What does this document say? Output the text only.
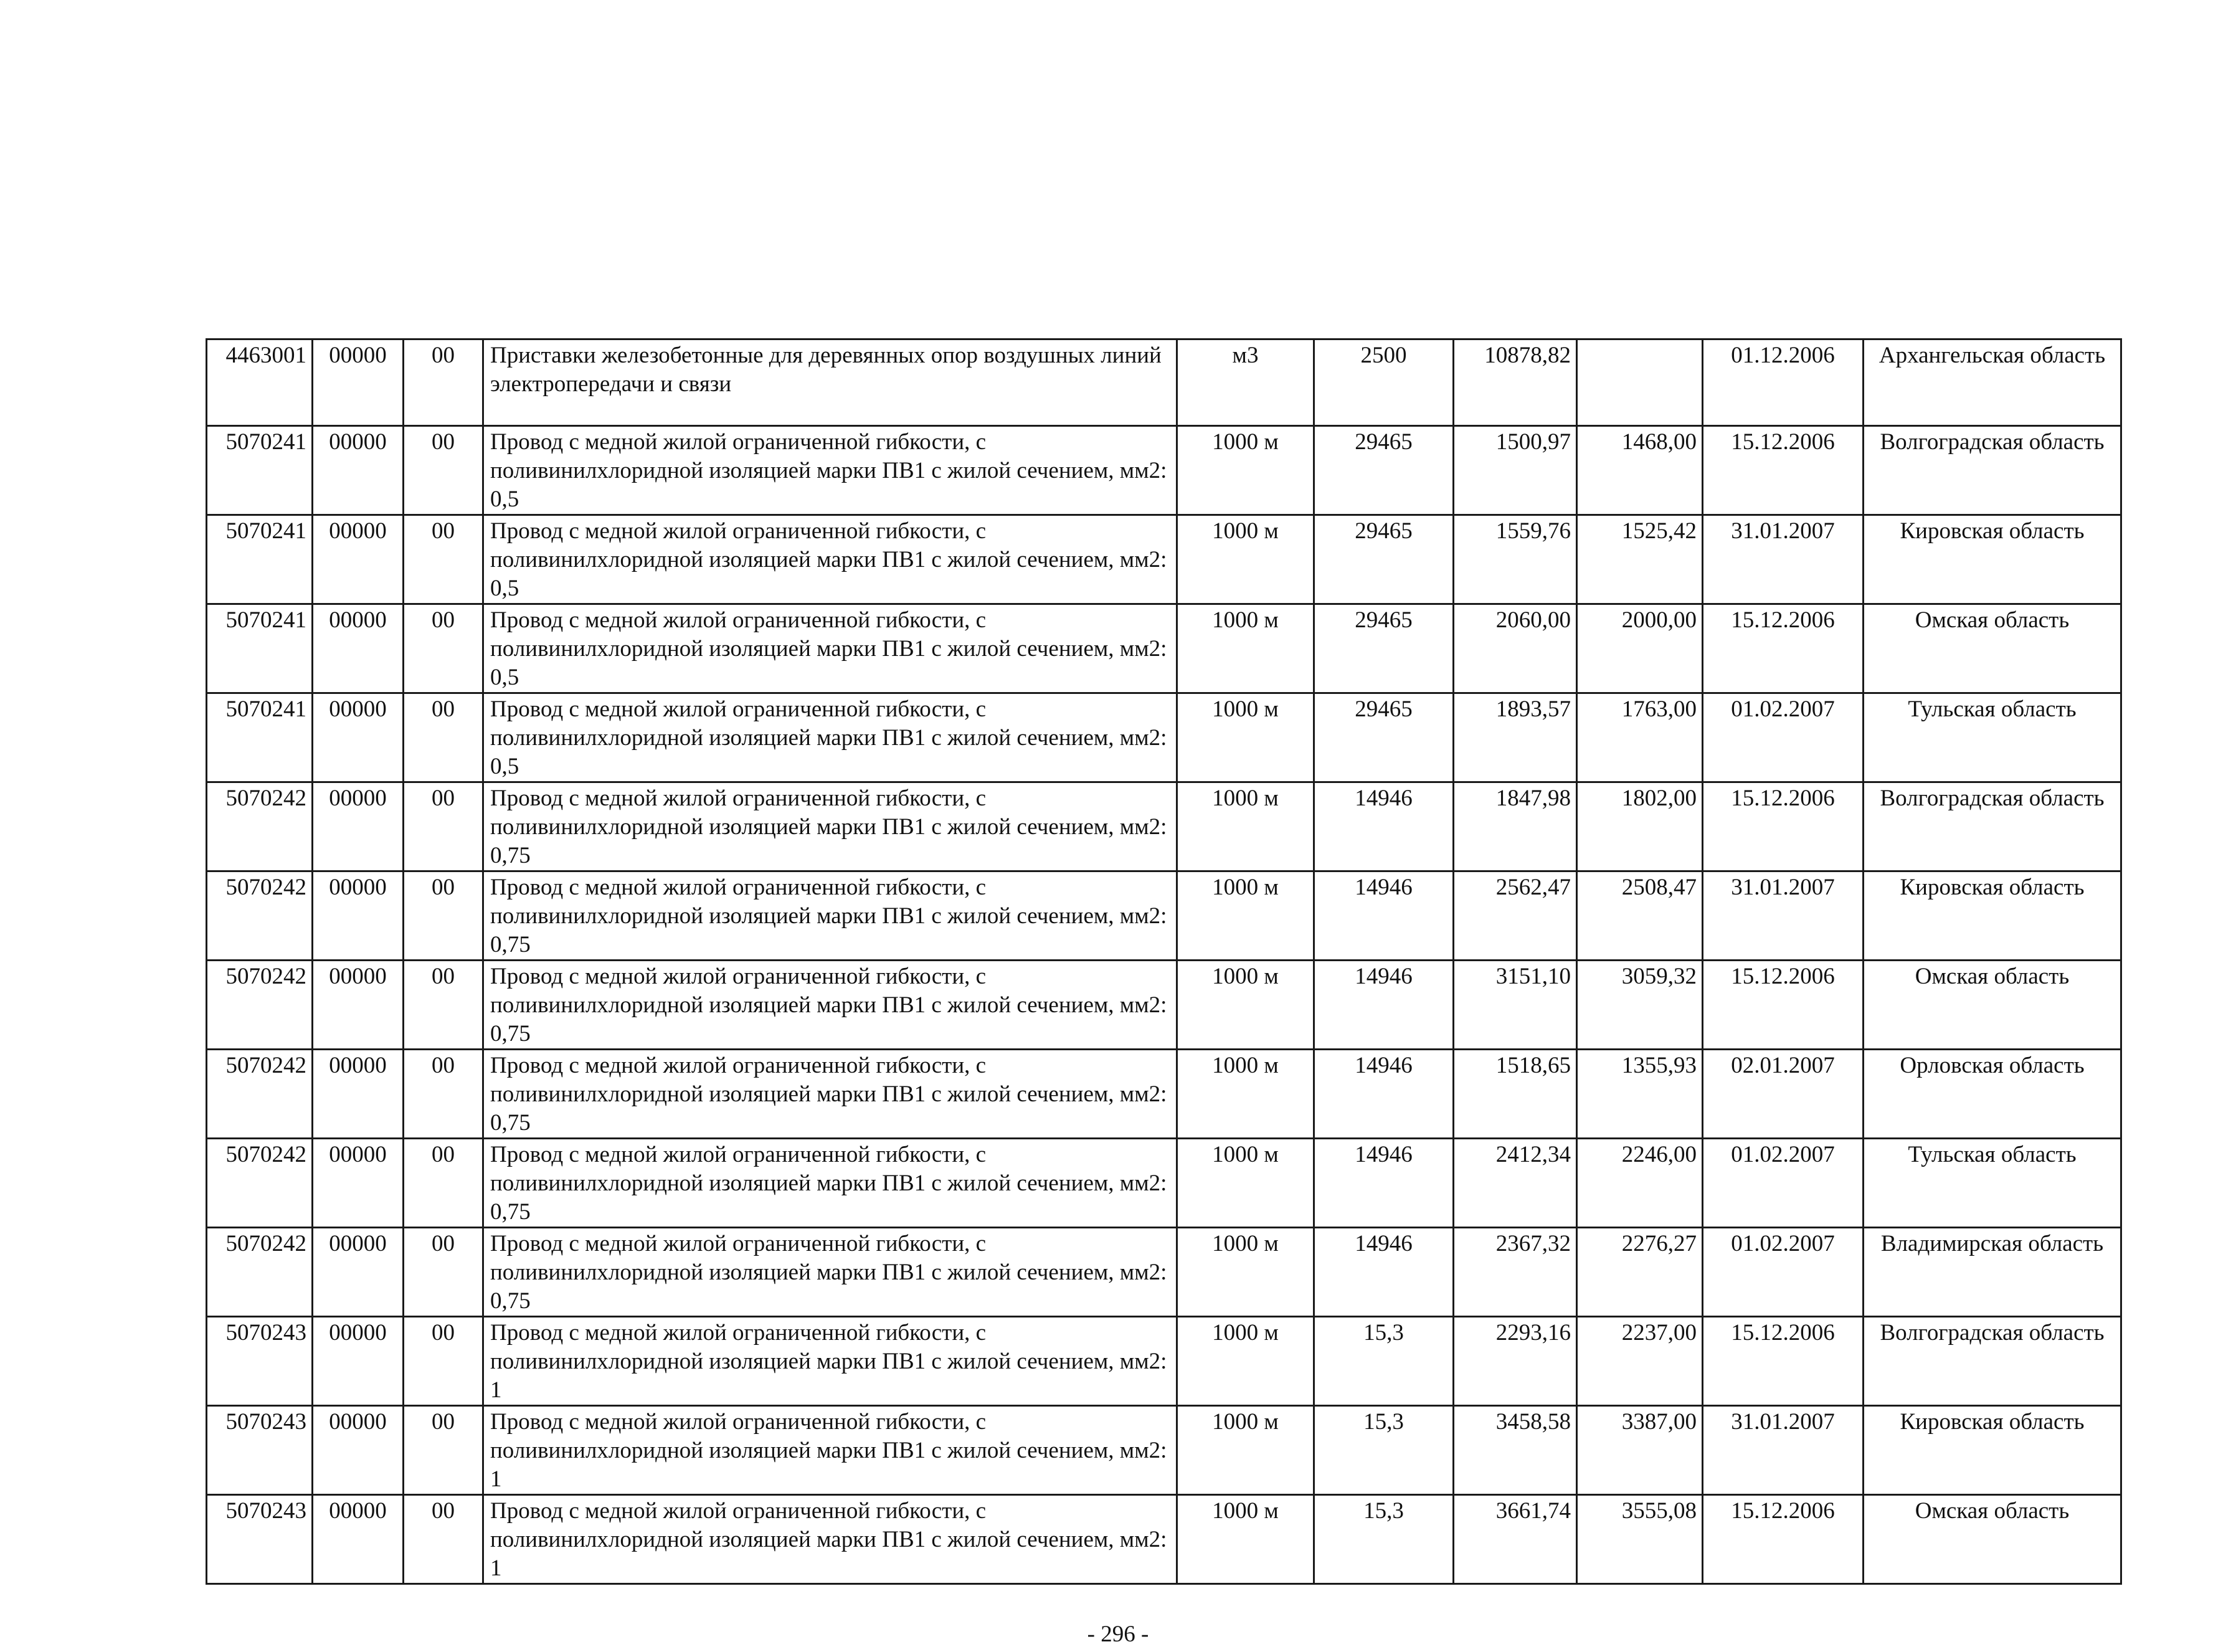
4463001	00000	00	Приставки железобетонные для деревянных опор воздушных линий электропередачи и связи	м3	2500	10878,82		01.12.2006	Архангельская область
5070241	00000	00	Провод с медной жилой ограниченной гибкости, с поливинилхлоридной изоляцией марки ПВ1 с жилой сечением, мм2: 0,5	1000 м	29465	1500,97	1468,00	15.12.2006	Волгоградская область
5070241	00000	00	Провод с медной жилой ограниченной гибкости, с поливинилхлоридной изоляцией марки ПВ1 с жилой сечением, мм2: 0,5	1000 м	29465	1559,76	1525,42	31.01.2007	Кировская область
5070241	00000	00	Провод с медной жилой ограниченной гибкости, с поливинилхлоридной изоляцией марки ПВ1 с жилой сечением, мм2: 0,5	1000 м	29465	2060,00	2000,00	15.12.2006	Омская область
5070241	00000	00	Провод с медной жилой ограниченной гибкости, с поливинилхлоридной изоляцией марки ПВ1 с жилой сечением, мм2: 0,5	1000 м	29465	1893,57	1763,00	01.02.2007	Тульская область
5070242	00000	00	Провод с медной жилой ограниченной гибкости, с поливинилхлоридной изоляцией марки ПВ1 с жилой сечением, мм2: 0,75	1000 м	14946	1847,98	1802,00	15.12.2006	Волгоградская область
5070242	00000	00	Провод с медной жилой ограниченной гибкости, с поливинилхлоридной изоляцией марки ПВ1 с жилой сечением, мм2: 0,75	1000 м	14946	2562,47	2508,47	31.01.2007	Кировская область
5070242	00000	00	Провод с медной жилой ограниченной гибкости, с поливинилхлоридной изоляцией марки ПВ1 с жилой сечением, мм2: 0,75	1000 м	14946	3151,10	3059,32	15.12.2006	Омская область
5070242	00000	00	Провод с медной жилой ограниченной гибкости, с поливинилхлоридной изоляцией марки ПВ1 с жилой сечением, мм2: 0,75	1000 м	14946	1518,65	1355,93	02.01.2007	Орловская область
5070242	00000	00	Провод с медной жилой ограниченной гибкости, с поливинилхлоридной изоляцией марки ПВ1 с жилой сечением, мм2: 0,75	1000 м	14946	2412,34	2246,00	01.02.2007	Тульская область
5070242	00000	00	Провод с медной жилой ограниченной гибкости, с поливинилхлоридной изоляцией марки ПВ1 с жилой сечением, мм2: 0,75	1000 м	14946	2367,32	2276,27	01.02.2007	Владимирская область
5070243	00000	00	Провод с медной жилой ограниченной гибкости, с поливинилхлоридной изоляцией марки ПВ1 с жилой сечением, мм2: 1	1000 м	15,3	2293,16	2237,00	15.12.2006	Волгоградская область
5070243	00000	00	Провод с медной жилой ограниченной гибкости, с поливинилхлоридной изоляцией марки ПВ1 с жилой сечением, мм2: 1	1000 м	15,3	3458,58	3387,00	31.01.2007	Кировская область
5070243	00000	00	Провод с медной жилой ограниченной гибкости, с поливинилхлоридной изоляцией марки ПВ1 с жилой сечением, мм2: 1	1000 м	15,3	3661,74	3555,08	15.12.2006	Омская область
- 296 -
